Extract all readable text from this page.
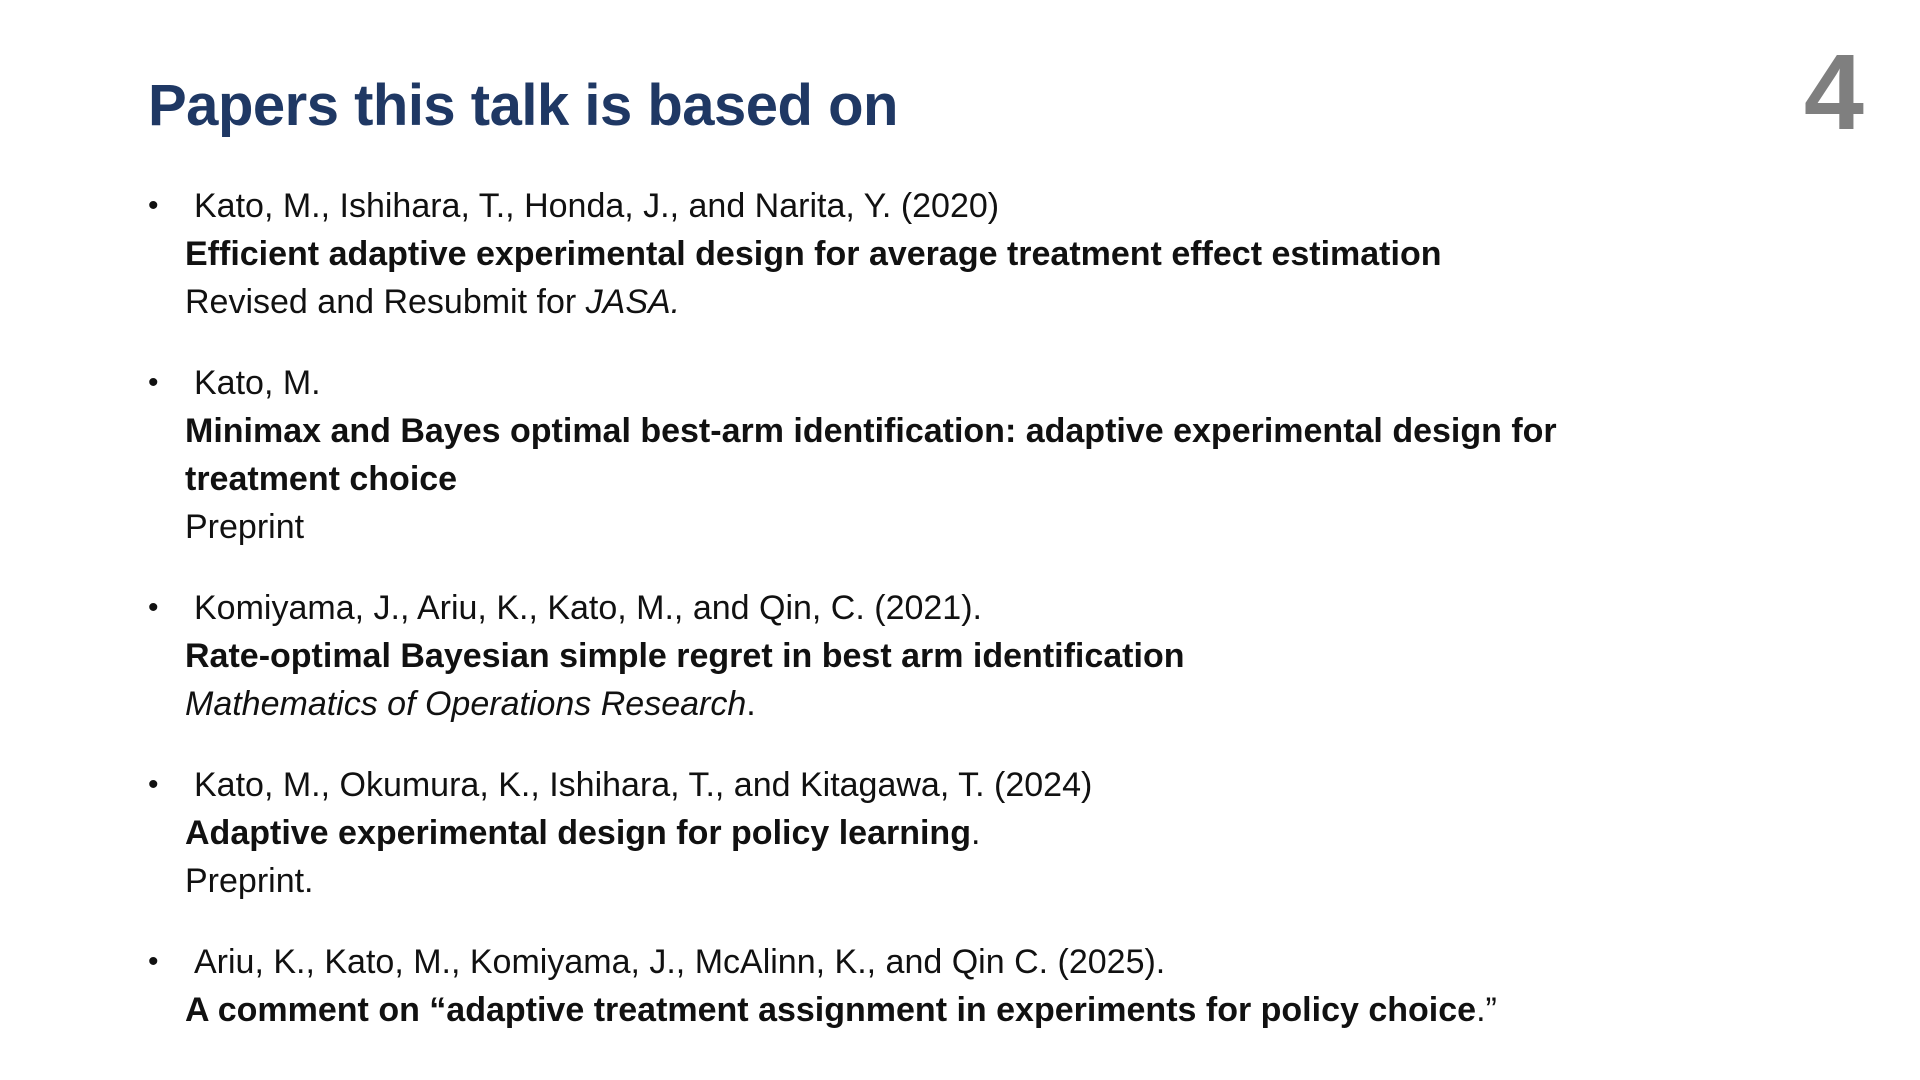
Papers this talk is based on	4
• Kato, M., Ishihara, T., Honda, J., and Narita, Y. (2020)
Efficient adaptive experimental design for average treatment effect estimation
Revised and Resubmit for JASA.
• Kato, M.
Minimax and Bayes optimal best-arm identification: adaptive experimental design for treatment choice
Preprint
• Komiyama, J., Ariu, K., Kato, M., and Qin, C. (2021).
Rate-optimal Bayesian simple regret in best arm identification
Mathematics of Operations Research.
• Kato, M., Okumura, K., Ishihara, T., and Kitagawa, T. (2024)
Adaptive experimental design for policy learning.
Preprint.
• Ariu, K., Kato, M., Komiyama, J., McAlinn, K., and Qin C. (2025).
A comment on “adaptive treatment assignment in experiments for policy choice.”
